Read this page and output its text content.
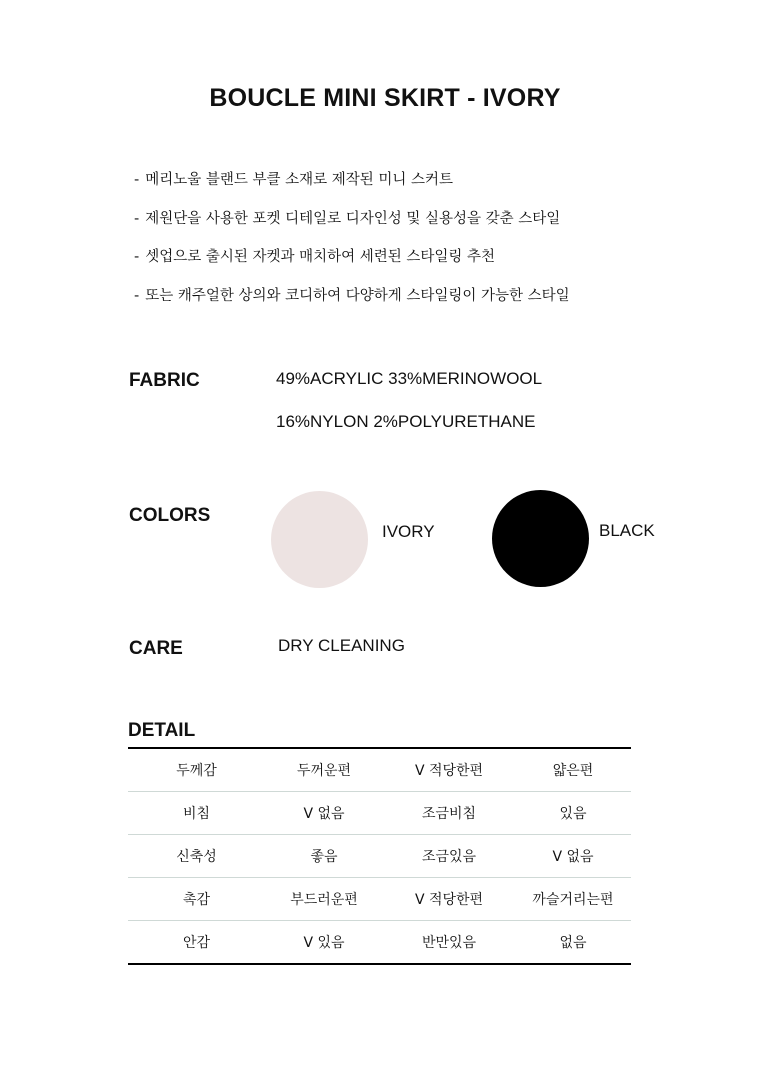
BOUCLE MINI SKIRT - IVORY
- 메리노울 블랜드 부클 소재로 제작된 미니 스커트
- 제원단을 사용한 포켓 디테일로 디자인성 및 실용성을 갖춘 스타일
- 셋업으로 출시된 자켓과 매치하여 세련된 스타일링 추천
- 또는 캐주얼한 상의와 코디하여 다양하게 스타일링이 가능한 스타일
FABRIC	49%ACRYLIC 33%MERINOWOOL
16%NYLON 2%POLYURETHANE
COLORS
IVORY	BLACK
CARE	DRY CLEANING
DETAIL
두께감	두꺼운편	V 적당한편	얇은편
비침	V 없음	조금비침	있음
신축성	좋음	조금있음	V 없음
촉감	부드러운편	V 적당한편	까슬거리는편
안감	V 있음	반만있음	없음
